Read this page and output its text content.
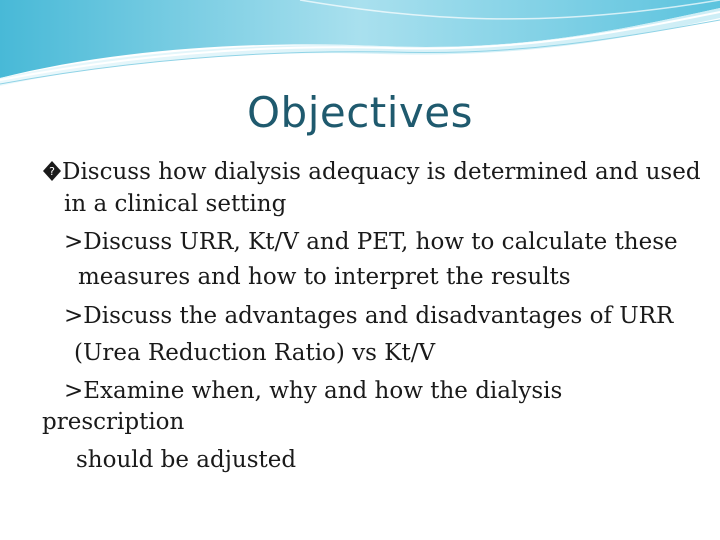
Objectives
? Discuss how dialysis adequacy is determined and used
in a clinical setting
>Discuss URR, Kt/V and PET, how to calculate these
measures and how to interpret the results
>Discuss the advantages and disadvantages of URR
(Urea Reduction Ratio) vs Kt/V
>Examine when, why and how the dialysis
prescription
should be adjusted
